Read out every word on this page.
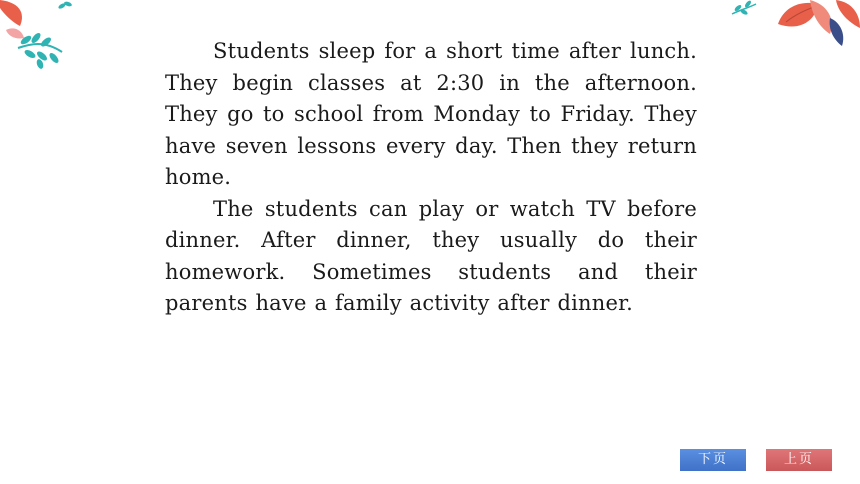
Students sleep for a short time after lunch. They begin classes at 2:30 in the afternoon. They go to school from Monday to Friday. They have seven lessons every day. Then they return home.

The students can play or watch TV before dinner. After dinner, they usually do their homework. Sometimes students and their parents have a family activity after dinner.

下页	上页
